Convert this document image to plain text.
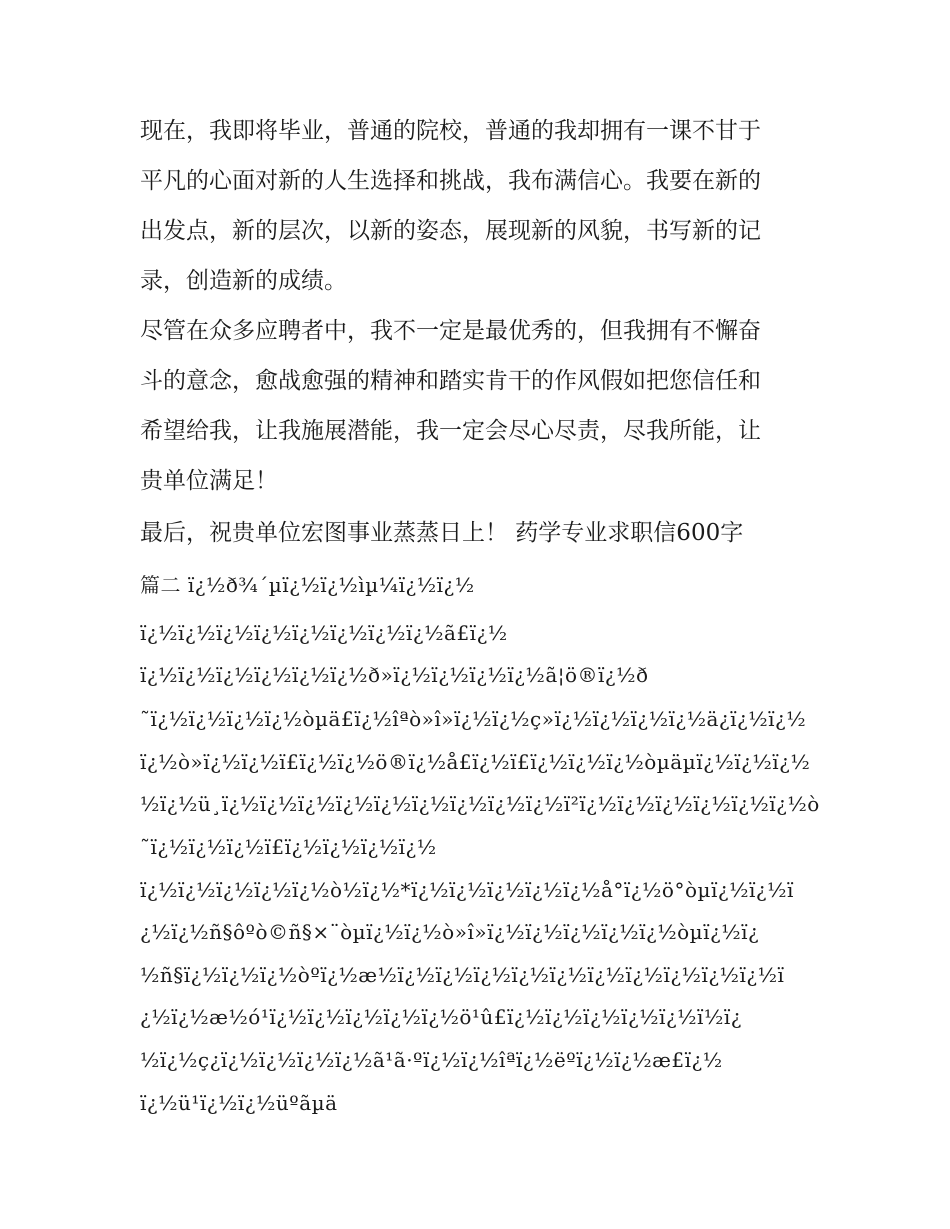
现在，我即将毕业，普通的院校，普通的我却拥有一课不甘于
平凡的心面对新的人生选择和挑战，我布满信心。我要在新的
出发点，新的层次，以新的姿态，展现新的风貌，书写新的记
录，创造新的成绩。
尽管在众多应聘者中，我不一定是最优秀的，但我拥有不懈奋
斗的意念，愈战愈强的精神和踏实肯干的作风假如把您信任和
希望给我，让我施展潜能，我一定会尽心尽责，尽我所能，让
贵单位满足！
最后，祝贵单位宏图事业蒸蒸日上！ 药学专业求职信600字
篇二 ï¿½ð¾´µï¿½ï¿½ìµ¼ï¿½ï¿½
ï¿½ï¿½ï¿½ï¿½ï¿½ï¿½ï¿½ï¿½ã£ï¿½
ï¿½ï¿½ï¿½ï¿½ï¿½ï¿½ð»ï¿½ï¿½ï¿½ï¿½ã¦ö®ï¿½ð
˜ï¿½ï¿½ï¿½ï¿½òµä£ï¿½îªò»î»ï¿½ï¿½ç»ï¿½ï¿½ï¿½ï¿½ä¿ï¿½ï¿½
ï¿½ò»ï¿½ï¿½ï£ï¿½ï¿½ö®ï¿½å£ï¿½ï£ï¿½ï¿½ï¿½òµäµï¿½ï¿½ï¿½
½ï¿½ü¸ï¿½ï¿½ï¿½ï¿½ï¿½ï¿½ï¿½ï¿½ï¿½ï²ï¿½ï¿½ï¿½ï¿½ï¿½ï¿½ò
˜ï¿½ï¿½ï¿½ï£ï¿½ï¿½ï¿½ï¿½
ï¿½ï¿½ï¿½ï¿½ï¿½ò½ï¿½*ï¿½ï¿½ï¿½ï¿½ï¿½å°ï¿½ö°òµï¿½ï¿½ï
¿½ï¿½ñ§ôºò©ñ§×¨òµï¿½ï¿½ò»î»ï¿½ï¿½ï¿½ï¿½ï¿½òµï¿½ï¿
½ñ§ï¿½ï¿½ï¿½òºï¿½æ½ï¿½ï¿½ï¿½ï¿½ï¿½ï¿½ï¿½ï¿½ï¿½ï¿½ï
¿½ï¿½æ½ó¹ï¿½ï¿½ï¿½ï¿½ï¿½ö¹û£ï¿½ï¿½ï¿½ï¿½ï¿½ï½ï¿
½ï¿½ç¿ï¿½ï¿½ï¿½ï¿½ã¹ã·ºï¿½ï¿½îªï¿½ëºï¿½ï¿½æ£ï¿½
ï¿½ü¹ï¿½ï¿½üºãµä
